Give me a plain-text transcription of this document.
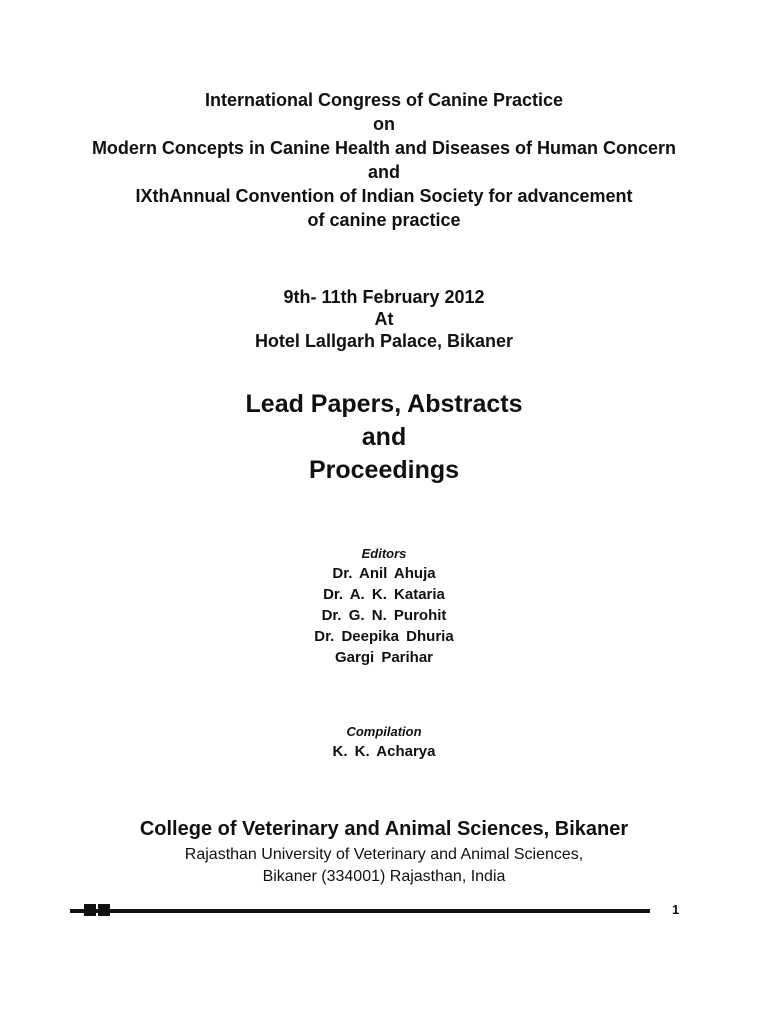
International Congress of Canine Practice
on
Modern Concepts in Canine Health and Diseases of Human Concern
and
IXthAnnual Convention of Indian Society for advancement
of canine practice
9th- 11th February 2012
At
Hotel Lallgarh Palace, Bikaner
Lead Papers, Abstracts
and
Proceedings
Editors
Dr. Anil Ahuja
Dr. A. K. Kataria
Dr. G. N. Purohit
Dr. Deepika Dhuria
Gargi Parihar
Compilation
K. K. Acharya
College of Veterinary and Animal Sciences, Bikaner
Rajasthan University of Veterinary and Animal Sciences,
Bikaner (334001) Rajasthan, India
1
